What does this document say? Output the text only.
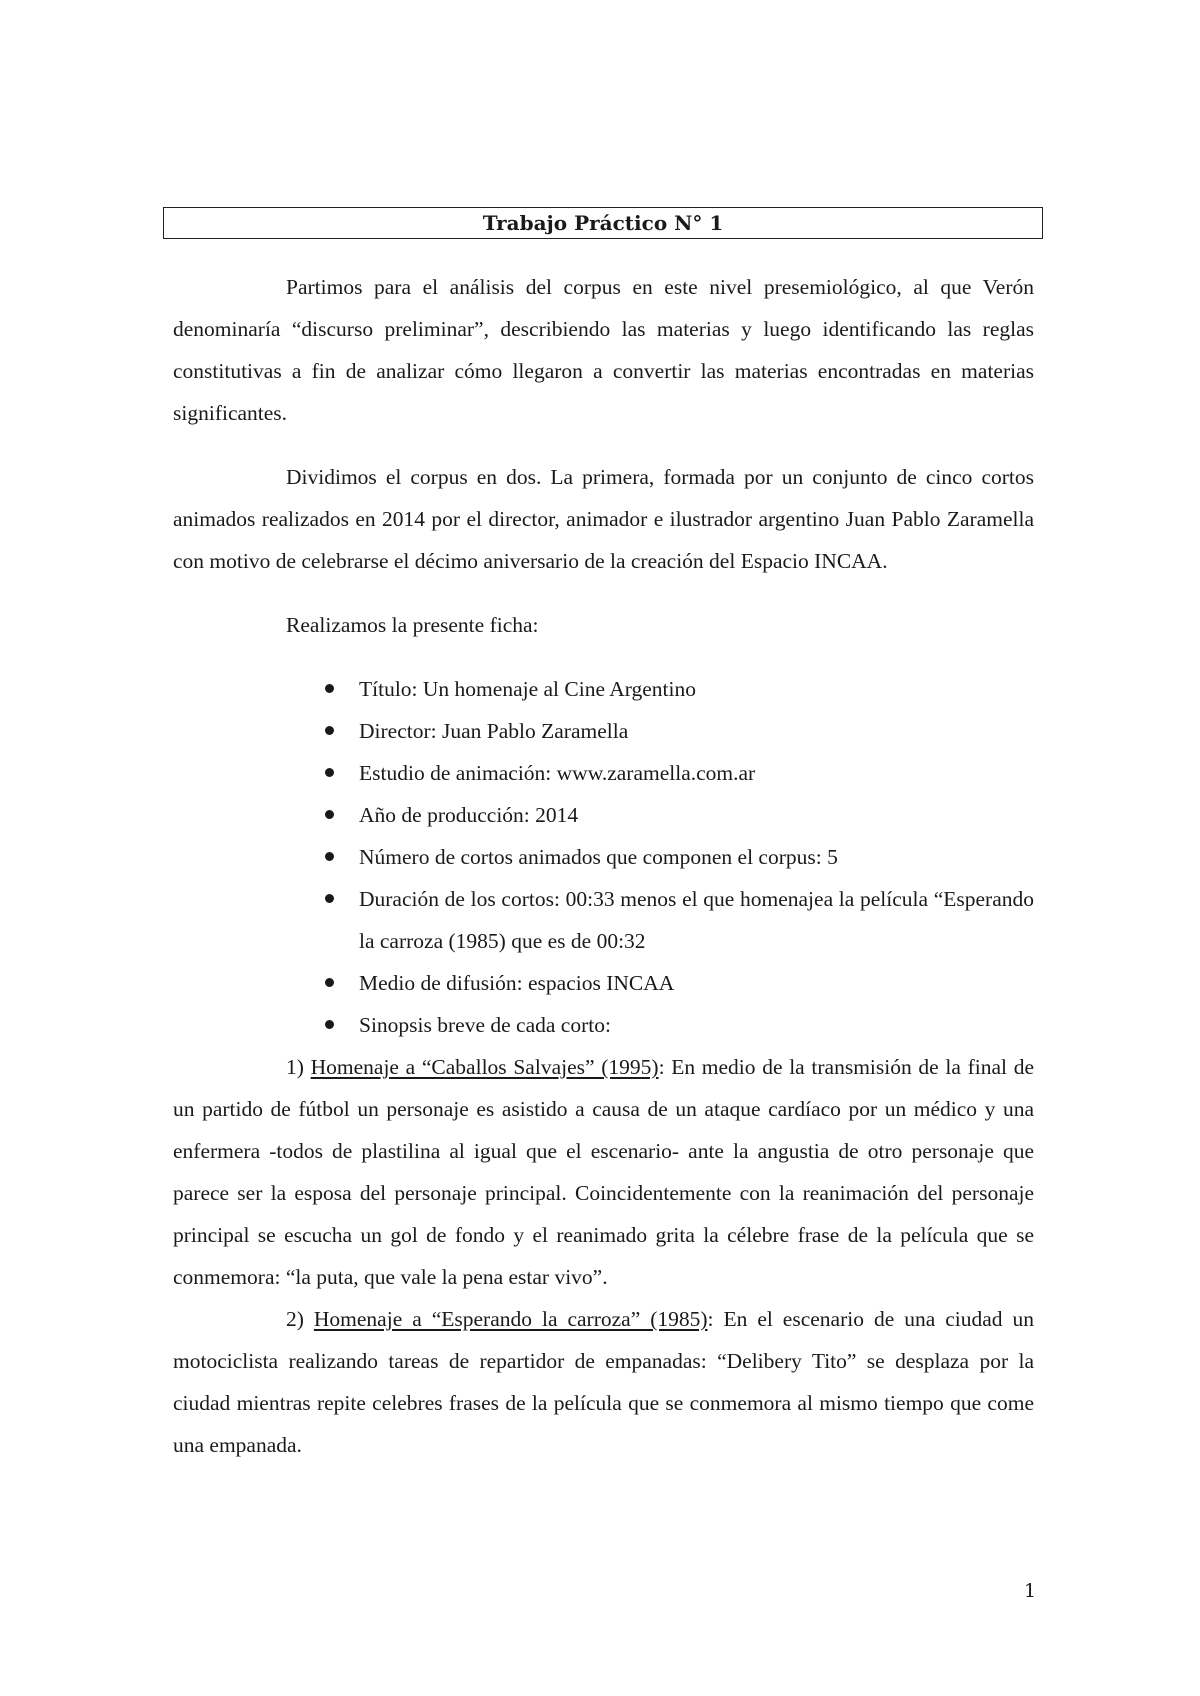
Trabajo Práctico N° 1

Partimos para el análisis del corpus en este nivel presemiológico, al que Verón denominaría “discurso preliminar”, describiendo las materias y luego identificando las reglas constitutivas a fin de analizar cómo llegaron a convertir las materias encontradas en materias significantes.

Dividimos el corpus en dos. La primera, formada por un conjunto de cinco cortos animados realizados en 2014 por el director, animador e ilustrador argentino Juan Pablo Zaramella con motivo de celebrarse el décimo aniversario de la creación del Espacio INCAA.

Realizamos la presente ficha:

Título: Un homenaje al Cine Argentino
Director: Juan Pablo Zaramella
Estudio de animación: www.zaramella.com.ar
Año de producción: 2014
Número de cortos animados que componen el corpus: 5
Duración de los cortos: 00:33 menos el que homenajea la película “Esperando la carroza (1985) que es de 00:32
Medio de difusión: espacios INCAA
Sinopsis breve de cada corto:

1) Homenaje a “Caballos Salvajes” (1995): En medio de la transmisión de la final de un partido de fútbol un personaje es asistido a causa de un ataque cardíaco por un médico y una enfermera -todos de plastilina al igual que el escenario- ante la angustia de otro personaje que parece ser la esposa del personaje principal. Coincidentemente con la reanimación del personaje principal se escucha un gol de fondo y el reanimado grita la célebre frase de la película que se conmemora: “la puta, que vale la pena estar vivo”.

2) Homenaje a “Esperando la carroza” (1985): En el escenario de una ciudad un motociclista realizando tareas de repartidor de empanadas: “Delibery Tito” se desplaza por la ciudad mientras repite celebres frases de la película que se conmemora al mismo tiempo que come una empanada.

1
